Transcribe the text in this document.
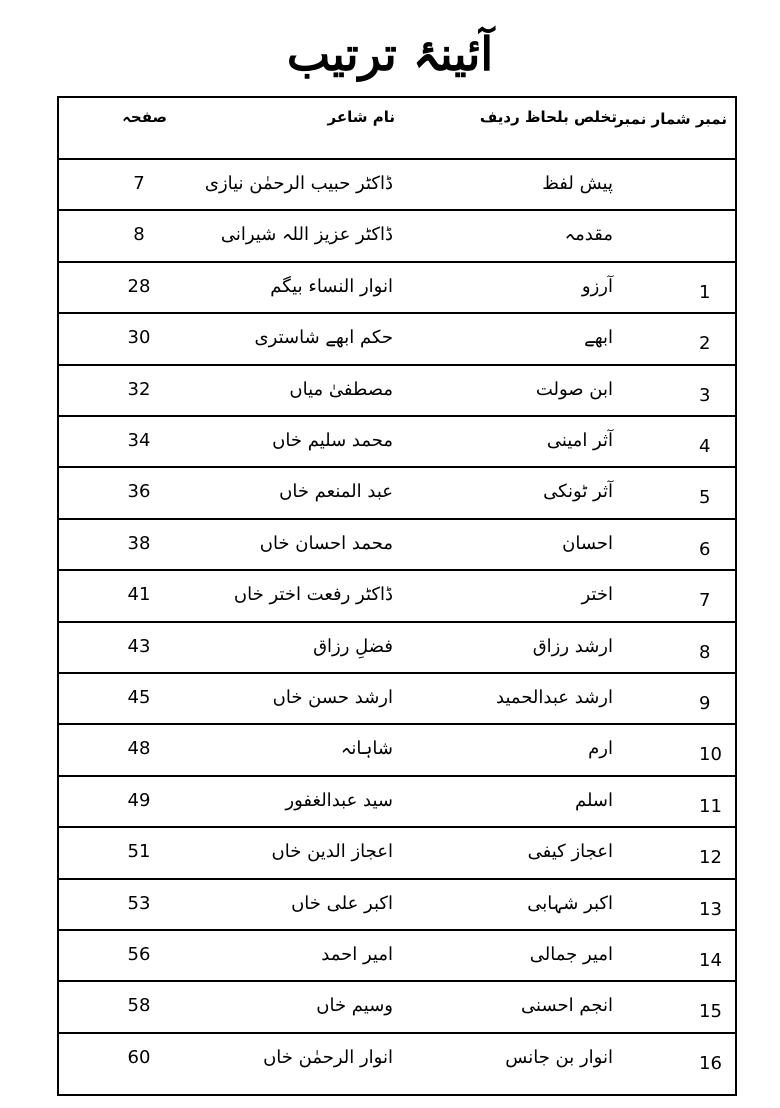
آئینۂ ترتیب
نمبر شمار نمبر
تخلص بلحاظ ردیف
نام شاعر
صفحہ
پیش لفظ
ڈاکٹر حبیب الرحمٰن نیازی
7
مقدمہ
ڈاکٹر عزیز اللہ شیرانی
8
1
آرزو
انوار النساء بیگم
28
2
ابھے
حکم ابھے شاستری
30
3
ابن صولت
مصطفیٰ میاں
32
4
آثر امینی
محمد سلیم خاں
34
5
آثر ٹونکی
عبد المنعم خاں
36
6
احسان
محمد احسان خاں
38
7
اختر
ڈاکٹر رفعت اختر خاں
41
8
ارشد رزاق
فضلِ رزاق
43
9
ارشد عبدالحمید
ارشد حسن خاں
45
10
ارم
شاہانہ
48
11
اسلم
سید عبدالغفور
49
12
اعجاز کیفی
اعجاز الدین خاں
51
13
اکبر شہابی
اکبر علی خاں
53
14
امیر جمالی
امیر احمد
56
15
انجم احسنی
وسیم خاں
58
16
انوار بن جانس
انوار الرحمٰن خاں
60
